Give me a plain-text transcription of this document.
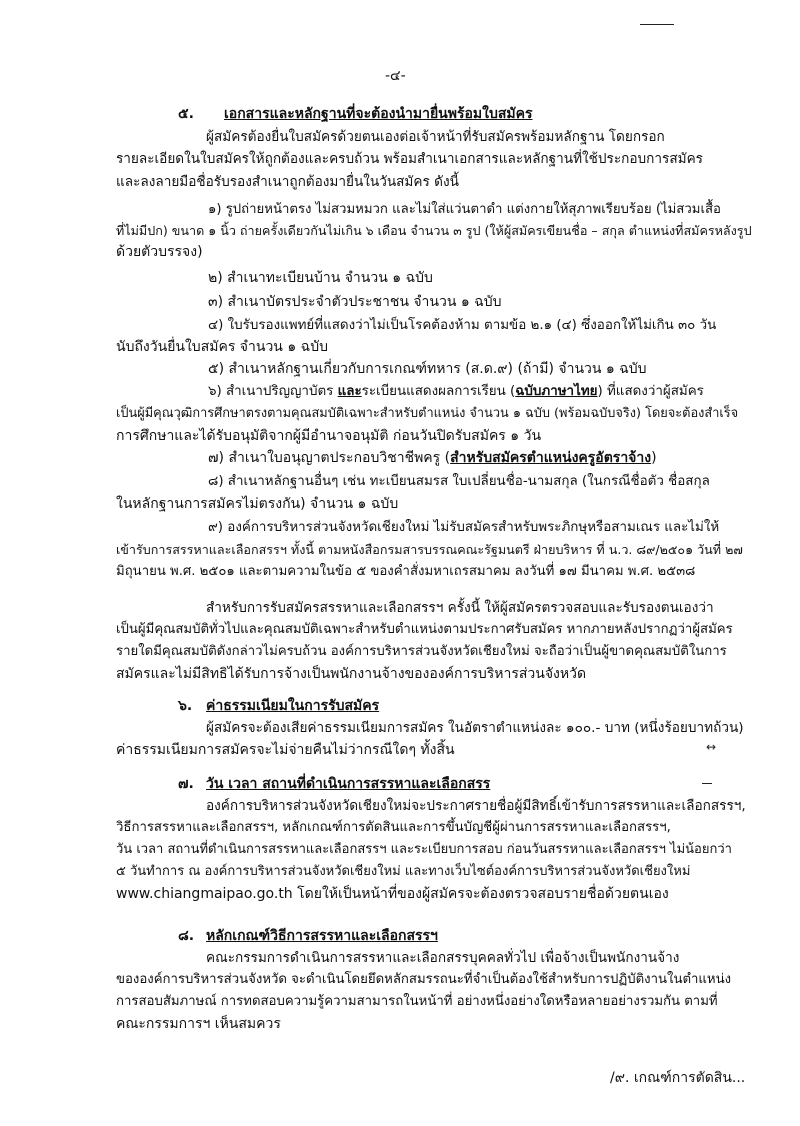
-๔-
๕. เอกสารและหลักฐานที่จะต้องนำมายื่นพร้อมใบสมัคร
ผู้สมัครต้องยื่นใบสมัครด้วยตนเองต่อเจ้าหน้าที่รับสมัครพร้อมหลักฐาน โดยกรอก
รายละเอียดในใบสมัครให้ถูกต้องและครบถ้วน พร้อมสำเนาเอกสารและหลักฐานที่ใช้ประกอบการสมัคร
และลงลายมือชื่อรับรองสำเนาถูกต้องมายื่นในวันสมัคร ดังนี้
๑) รูปถ่ายหน้าตรง ไม่สวมหมวก และไม่ใส่แว่นตาดำ แต่งกายให้สุภาพเรียบร้อย (ไม่สวมเสื้อ
ที่ไม่มีปก) ขนาด ๑ นิ้ว ถ่ายครั้งเดียวกันไม่เกิน ๖ เดือน จำนวน ๓ รูป (ให้ผู้สมัครเขียนชื่อ – สกุล ตำแหน่งที่สมัครหลังรูป
ด้วยตัวบรรจง)
๒) สำเนาทะเบียนบ้าน จำนวน ๑ ฉบับ
๓) สำเนาบัตรประจำตัวประชาชน จำนวน ๑ ฉบับ
๔) ใบรับรองแพทย์ที่แสดงว่าไม่เป็นโรคต้องห้าม ตามข้อ ๒.๑ (๔) ซึ่งออกให้ไม่เกิน ๓๐ วัน
นับถึงวันยื่นใบสมัคร จำนวน ๑ ฉบับ
๕) สำเนาหลักฐานเกี่ยวกับการเกณฑ์ทหาร (ส.ด.๙) (ถ้ามี) จำนวน ๑ ฉบับ
๖) สำเนาปริญญาบัตร และระเบียนแสดงผลการเรียน (ฉบับภาษาไทย) ที่แสดงว่าผู้สมัคร
เป็นผู้มีคุณวุฒิการศึกษาตรงตามคุณสมบัติเฉพาะสำหรับตำแหน่ง จำนวน ๑ ฉบับ (พร้อมฉบับจริง) โดยจะต้องสำเร็จ
การศึกษาและได้รับอนุมัติจากผู้มีอำนาจอนุมัติ ก่อนวันปิดรับสมัคร ๑ วัน
๗) สำเนาใบอนุญาตประกอบวิชาชีพครู (สำหรับสมัครตำแหน่งครูอัตราจ้าง)
๘) สำเนาหลักฐานอื่นๆ เช่น ทะเบียนสมรส ใบเปลี่ยนชื่อ-นามสกุล (ในกรณีชื่อตัว ชื่อสกุล
ในหลักฐานการสมัครไม่ตรงกัน) จำนวน ๑ ฉบับ
๙) องค์การบริหารส่วนจังหวัดเชียงใหม่ ไม่รับสมัครสำหรับพระภิกษุหรือสามเณร และไม่ให้
เข้ารับการสรรหาและเลือกสรรฯ ทั้งนี้ ตามหนังสือกรมสารบรรณคณะรัฐมนตรี ฝ่ายบริหาร ที่ น.ว. ๘๙/๒๕๐๑ วันที่ ๒๗
มิถุนายน พ.ศ. ๒๕๐๑ และตามความในข้อ ๕ ของคำสั่งมหาเถรสมาคม ลงวันที่ ๑๗ มีนาคม พ.ศ. ๒๕๓๘
สำหรับการรับสมัครสรรหาและเลือกสรรฯ ครั้งนี้ ให้ผู้สมัครตรวจสอบและรับรองตนเองว่า
เป็นผู้มีคุณสมบัติทั่วไปและคุณสมบัติเฉพาะสำหรับตำแหน่งตามประกาศรับสมัคร หากภายหลังปรากฏว่าผู้สมัคร
รายใดมีคุณสมบัติดังกล่าวไม่ครบถ้วน องค์การบริหารส่วนจังหวัดเชียงใหม่ จะถือว่าเป็นผู้ขาดคุณสมบัติในการ
สมัครและไม่มีสิทธิได้รับการจ้างเป็นพนักงานจ้างขององค์การบริหารส่วนจังหวัด
๖. ค่าธรรมเนียมในการรับสมัคร
ผู้สมัครจะต้องเสียค่าธรรมเนียมการสมัคร ในอัตราตำแหน่งละ ๑๐๐.- บาท (หนึ่งร้อยบาทถ้วน)
ค่าธรรมเนียมการสมัครจะไม่จ่ายคืนไม่ว่ากรณีใดๆ ทั้งสิ้น	↔
๗. วัน เวลา สถานที่ดำเนินการสรรหาและเลือกสรร
องค์การบริหารส่วนจังหวัดเชียงใหม่จะประกาศรายชื่อผู้มีสิทธิ์เข้ารับการสรรหาและเลือกสรรฯ,
วิธีการสรรหาและเลือกสรรฯ, หลักเกณฑ์การตัดสินและการขึ้นบัญชีผู้ผ่านการสรรหาและเลือกสรรฯ,
วัน เวลา สถานที่ดำเนินการสรรหาและเลือกสรรฯ และระเบียบการสอบ ก่อนวันสรรหาและเลือกสรรฯ ไม่น้อยกว่า
๕ วันทำการ ณ องค์การบริหารส่วนจังหวัดเชียงใหม่ และทางเว็บไซต์องค์การบริหารส่วนจังหวัดเชียงใหม่
www.chiangmaipao.go.th โดยให้เป็นหน้าที่ของผู้สมัครจะต้องตรวจสอบรายชื่อด้วยตนเอง
๘. หลักเกณฑ์วิธีการสรรหาและเลือกสรรฯ
คณะกรรมการดำเนินการสรรหาและเลือกสรรบุคคลทั่วไป เพื่อจ้างเป็นพนักงานจ้าง
ขององค์การบริหารส่วนจังหวัด จะดำเนินโดยยึดหลักสมรรถนะที่จำเป็นต้องใช้สำหรับการปฏิบัติงานในตำแหน่ง
การสอบสัมภาษณ์ การทดสอบความรู้ความสามารถในหน้าที่ อย่างหนึ่งอย่างใดหรือหลายอย่างรวมกัน ตามที่
คณะกรรมการฯ เห็นสมควร
/๙. เกณฑ์การตัดสิน...
